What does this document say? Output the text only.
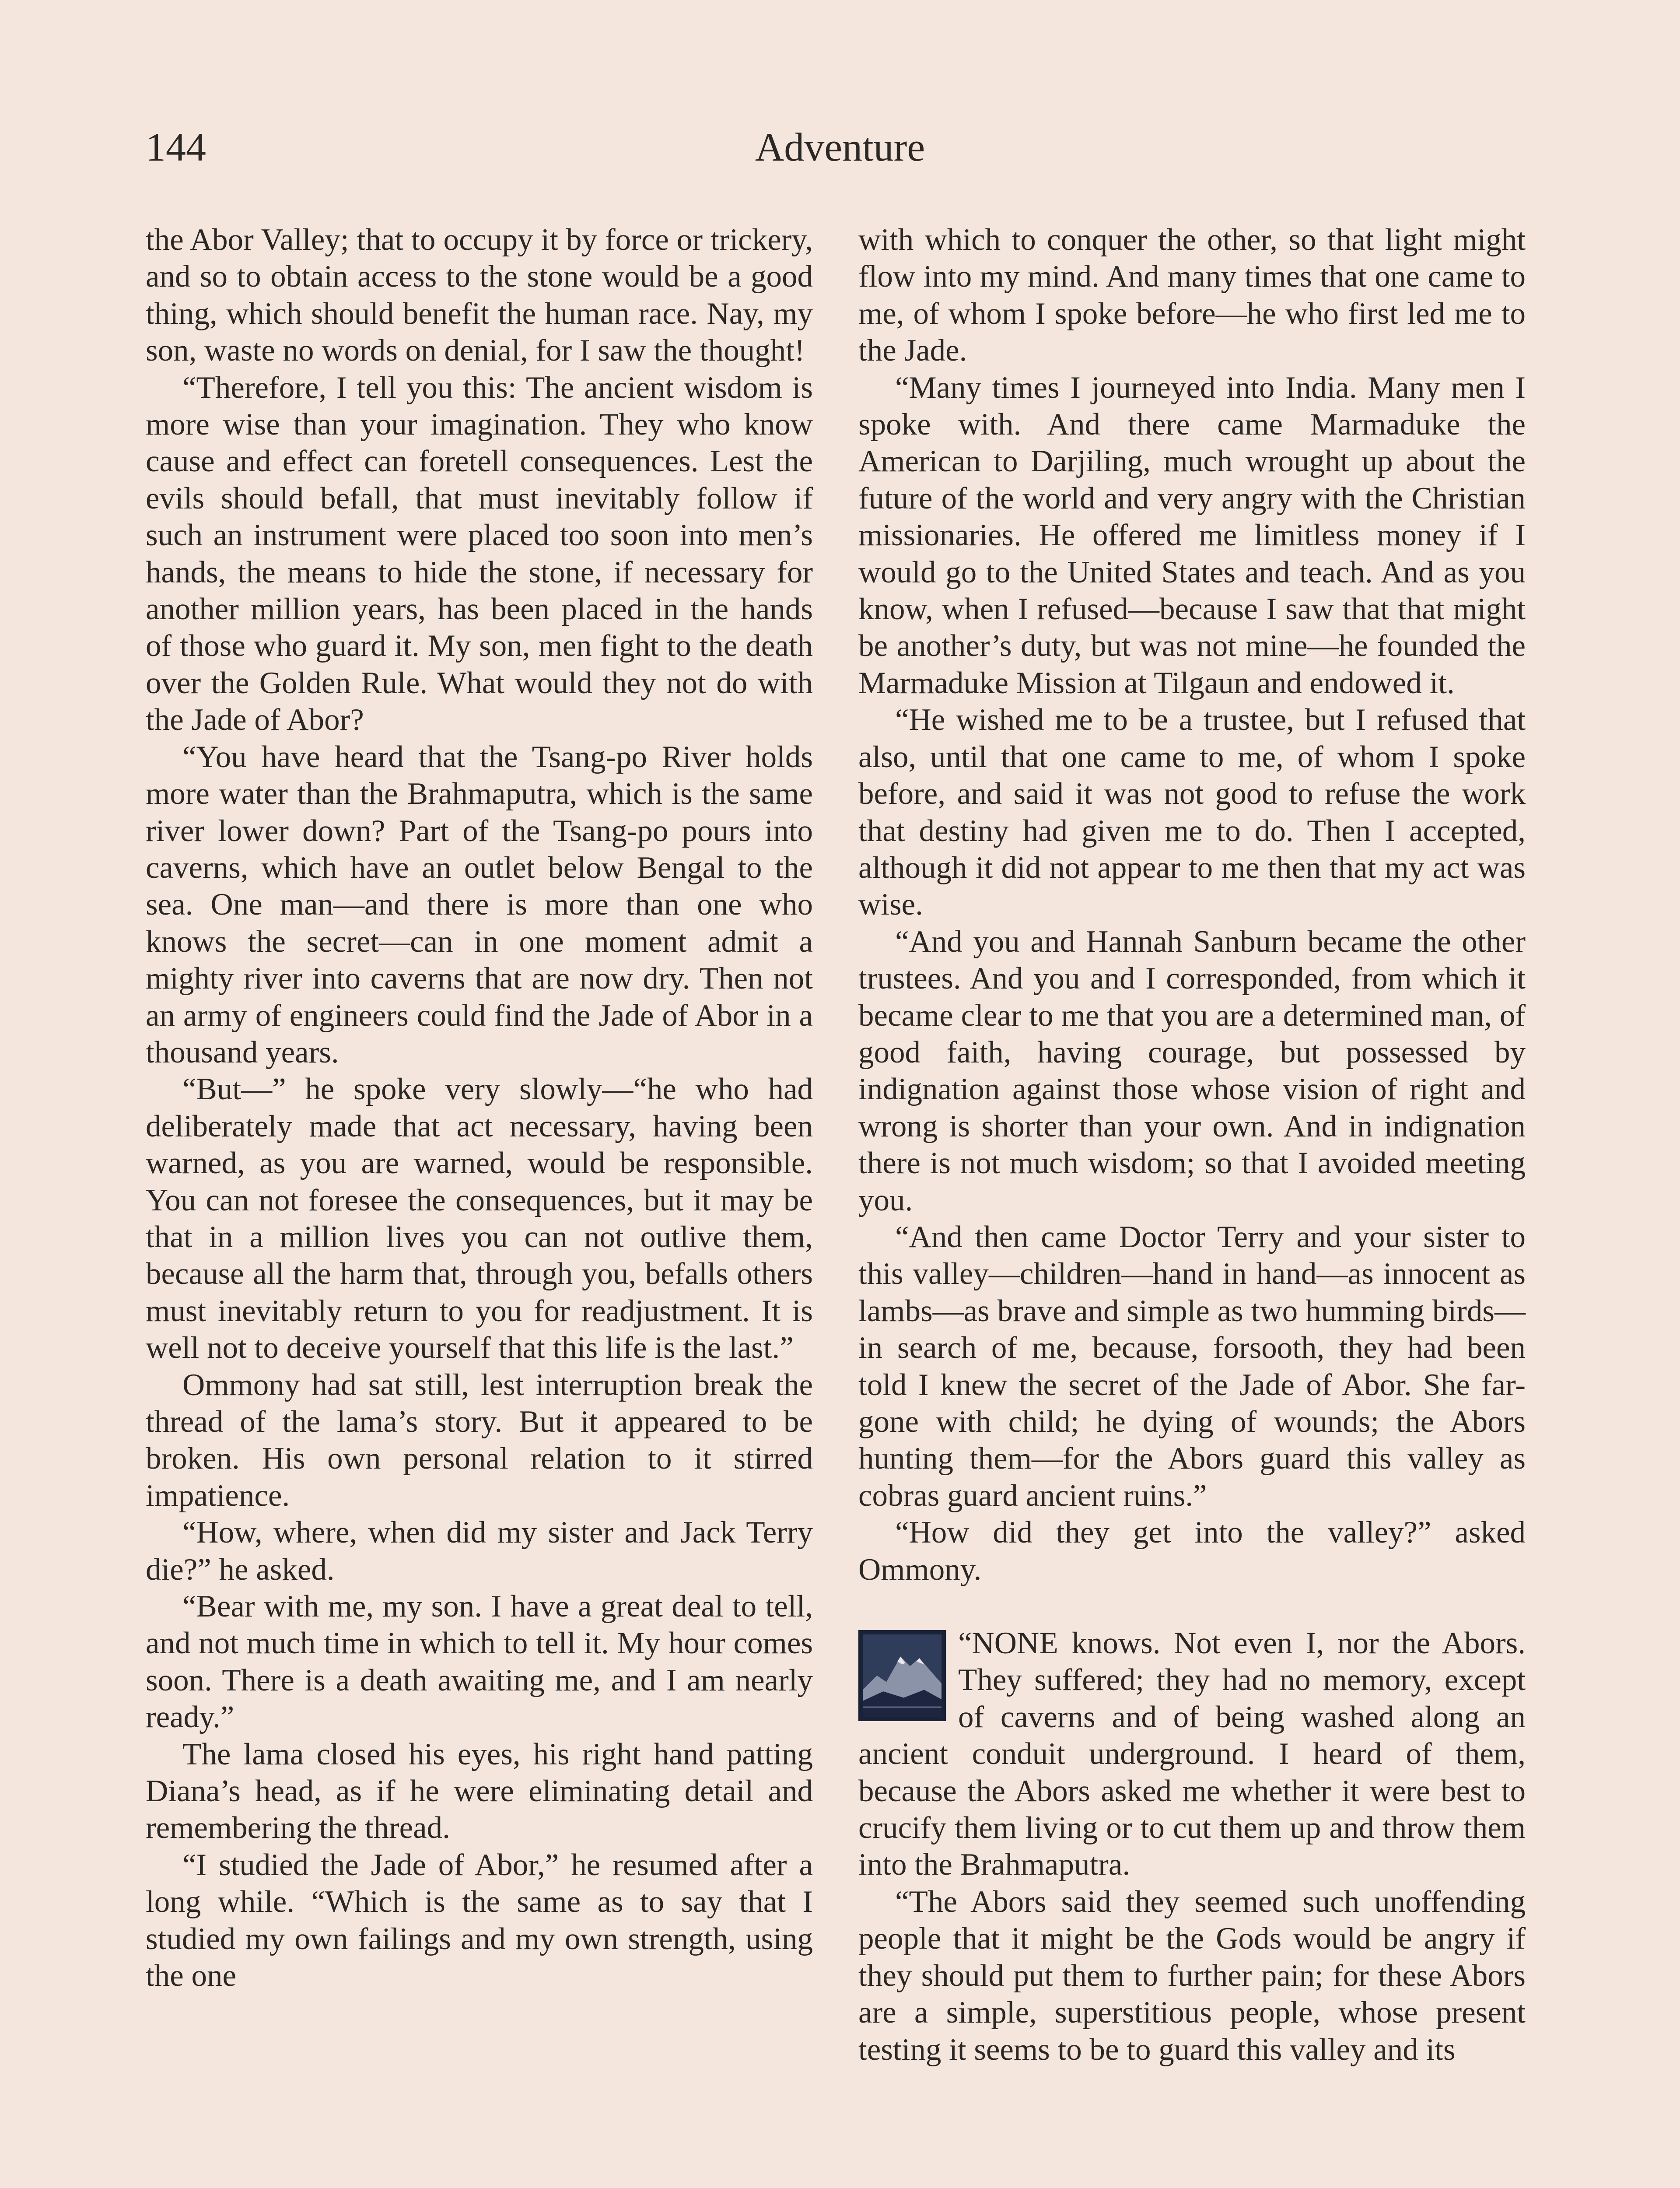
144	Adventure

the Abor Valley; that to occupy it by force or trickery, and so to obtain access to the stone would be a good thing, which should benefit the human race. Nay, my son, waste no words on denial, for I saw the thought!

“Therefore, I tell you this: The ancient wisdom is more wise than your imagination. They who know cause and effect can foretell consequences. Lest the evils should befall, that must inevitably follow if such an instrument were placed too soon into men’s hands, the means to hide the stone, if necessary for another million years, has been placed in the hands of those who guard it. My son, men fight to the death over the Golden Rule. What would they not do with the Jade of Abor?

“You have heard that the Tsang-po River holds more water than the Brahmaputra, which is the same river lower down? Part of the Tsang-po pours into caverns, which have an outlet below Bengal to the sea. One man—and there is more than one who knows the secret—can in one moment admit a mighty river into caverns that are now dry. Then not an army of engineers could find the Jade of Abor in a thousand years.

“But—” he spoke very slowly—“he who had deliberately made that act necessary, having been warned, as you are warned, would be responsible. You can not foresee the consequences, but it may be that in a million lives you can not outlive them, because all the harm that, through you, befalls others must inevitably return to you for readjustment. It is well not to deceive yourself that this life is the last.”

Ommony had sat still, lest interruption break the thread of the lama’s story. But it appeared to be broken. His own personal relation to it stirred impatience.

“How, where, when did my sister and Jack Terry die?” he asked.

“Bear with me, my son. I have a great deal to tell, and not much time in which to tell it. My hour comes soon. There is a death awaiting me, and I am nearly ready.”

The lama closed his eyes, his right hand patting Diana’s head, as if he were eliminating detail and remembering the thread.

“I studied the Jade of Abor,” he resumed after a long while. “Which is the same as to say that I studied my own failings and my own strength, using the one

with which to conquer the other, so that light might flow into my mind. And many times that one came to me, of whom I spoke before—he who first led me to the Jade.

“Many times I journeyed into India. Many men I spoke with. And there came Marmaduke the American to Darjiling, much wrought up about the future of the world and very angry with the Christian missionaries. He offered me limitless money if I would go to the United States and teach. And as you know, when I refused—because I saw that that might be another’s duty, but was not mine—he founded the Marmaduke Mission at Tilgaun and endowed it.

“He wished me to be a trustee, but I refused that also, until that one came to me, of whom I spoke before, and said it was not good to refuse the work that destiny had given me to do. Then I accepted, although it did not appear to me then that my act was wise.

“And you and Hannah Sanburn became the other trustees. And you and I corresponded, from which it became clear to me that you are a determined man, of good faith, having courage, but possessed by indignation against those whose vision of right and wrong is shorter than your own. And in indignation there is not much wisdom; so that I avoided meeting you.

“And then came Doctor Terry and your sister to this valley—children—hand in hand—as innocent as lambs—as brave and simple as two humming birds—in search of me, because, forsooth, they had been told I knew the secret of the Jade of Abor. She far-gone with child; he dying of wounds; the Abors hunting them—for the Abors guard this valley as cobras guard ancient ruins.”

“How did they get into the valley?” asked Ommony.

“NONE knows. Not even I, nor the Abors. They suffered; they had no memory, except of caverns and of being washed along an ancient conduit underground. I heard of them, because the Abors asked me whether it were best to crucify them living or to cut them up and throw them into the Brahmaputra.

“The Abors said they seemed such unoffending people that it might be the Gods would be angry if they should put them to further pain; for these Abors are a simple, superstitious people, whose present testing it seems to be to guard this valley and its
